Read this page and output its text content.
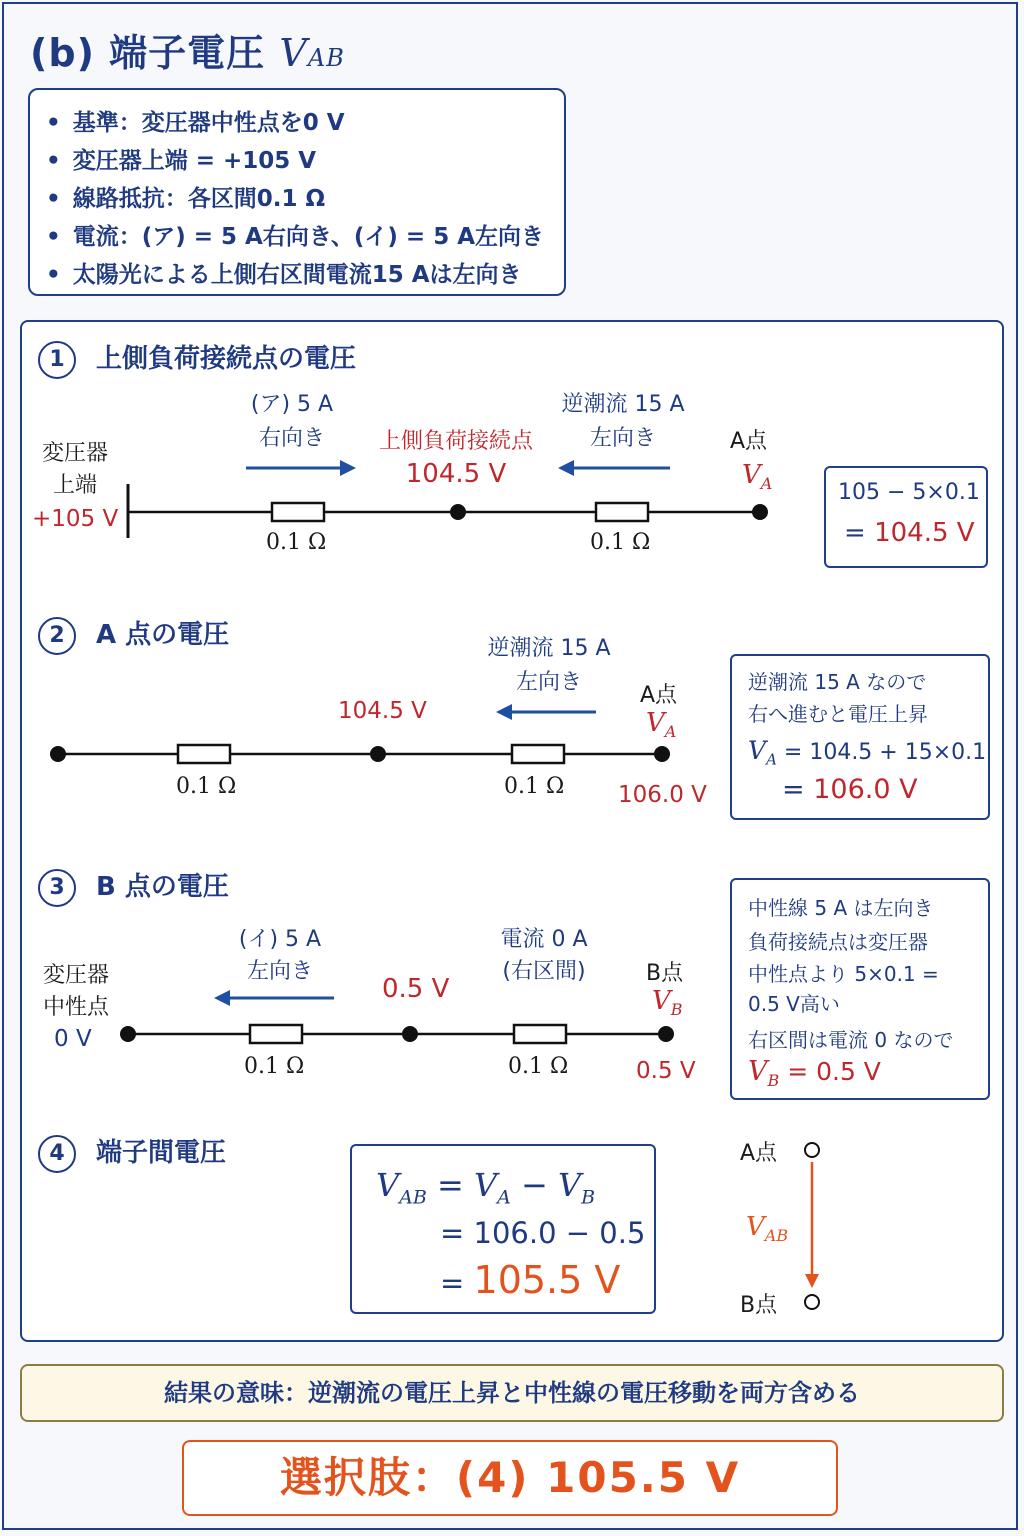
(b) 端子電圧 VAB
• 基準：変圧器中性点を0 V
• 変圧器上端 = +105 V
• 線路抵抗：各区間0.1 Ω
• 電流：(ア) = 5 A右向き、(イ) = 5 A左向き
• 太陽光による上側右区間電流15 Aは左向き
1 上側負荷接続点の電圧
変圧器
上端
+105 V
(ア) 5 A
右向き	上側負荷接続点
104.5 V
逆潮流 15 A
左向き	A点
$V_A$
0.1 Ω	0.1 Ω
105 − 5×0.1
= 104.5 V
2 A 点の電圧	逆潮流 15 A
左向き
104.5 V
A点
$V_A$
106.0 V
0.1 Ω	0.1 Ω
逆潮流 15 A なので
右へ進むと電圧上昇
$V_A = 104.5 + 15\times 0.1$
= 106.0 V
3 B 点の電圧
変圧器
中性点
0 V
(イ) 5 A
左向き
0.5 V
電流 0 A
(右区間)	B点
$V_B$
0.5 V
0.1 Ω	0.1 Ω
中性線 5 A は左向き
負荷接続点は変圧器
中性点より 5×0.1 =
0.5 V高い
右区間は電流 0 なので
$V_B = 0.5$ V
4 端子間電圧
$V_{AB} = V_A - V_B$
= 106.0 − 0.5
= 105.5 V
A点
B点
$V_{AB}$
結果の意味：逆潮流の電圧上昇と中性線の電圧移動を両方含める
選択肢：(4) 105.5 V
